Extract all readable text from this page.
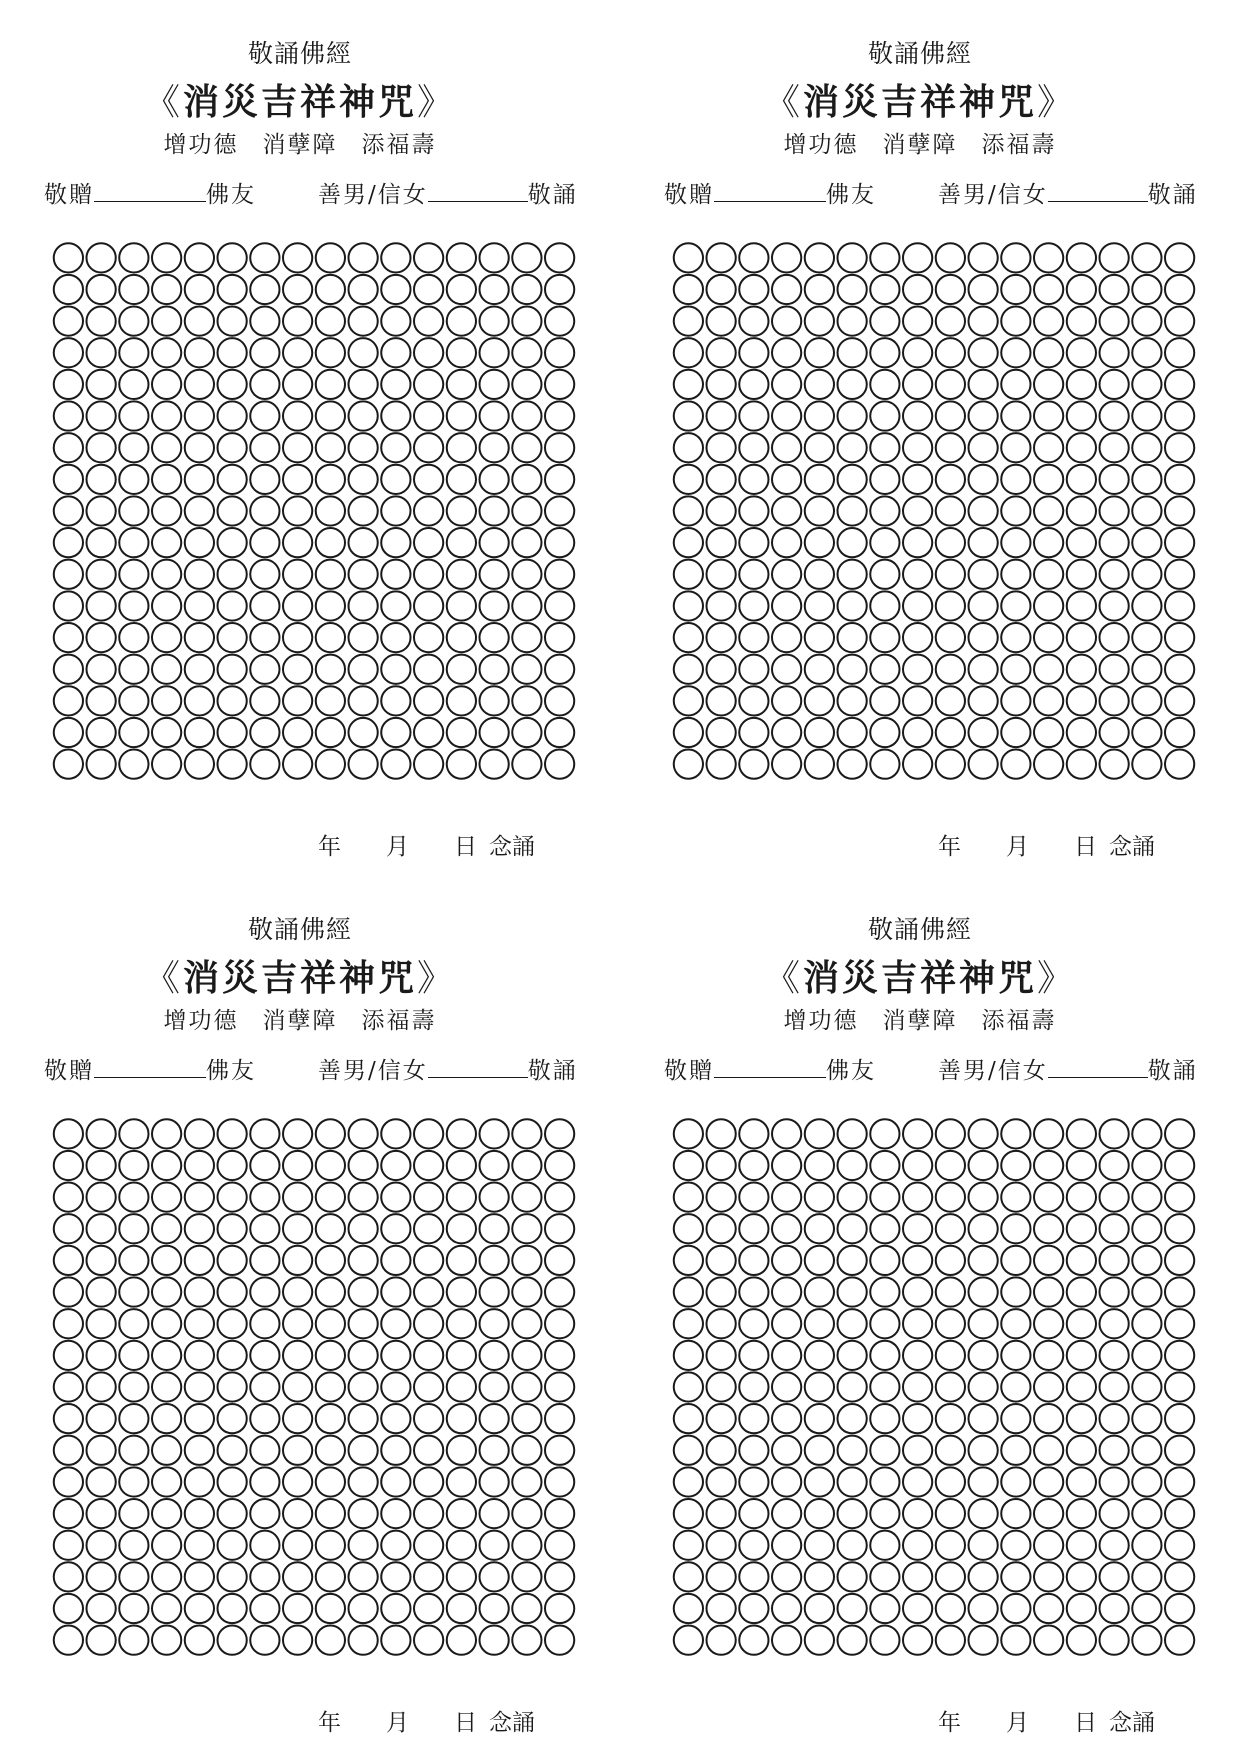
敬誦佛經
《消災吉祥神咒》
增功德 消孽障 添福壽
敬贈	佛友	善男/信女	敬誦
年 月 日 念誦
敬誦佛經
《消災吉祥神咒》
增功德 消孽障 添福壽
敬贈	佛友	善男/信女	敬誦
年 月 日 念誦
敬誦佛經
《消災吉祥神咒》
增功德 消孽障 添福壽
敬贈	佛友	善男/信女	敬誦
年 月 日 念誦
敬誦佛經
《消災吉祥神咒》
增功德 消孽障 添福壽
敬贈	佛友	善男/信女	敬誦
年 月 日 念誦
